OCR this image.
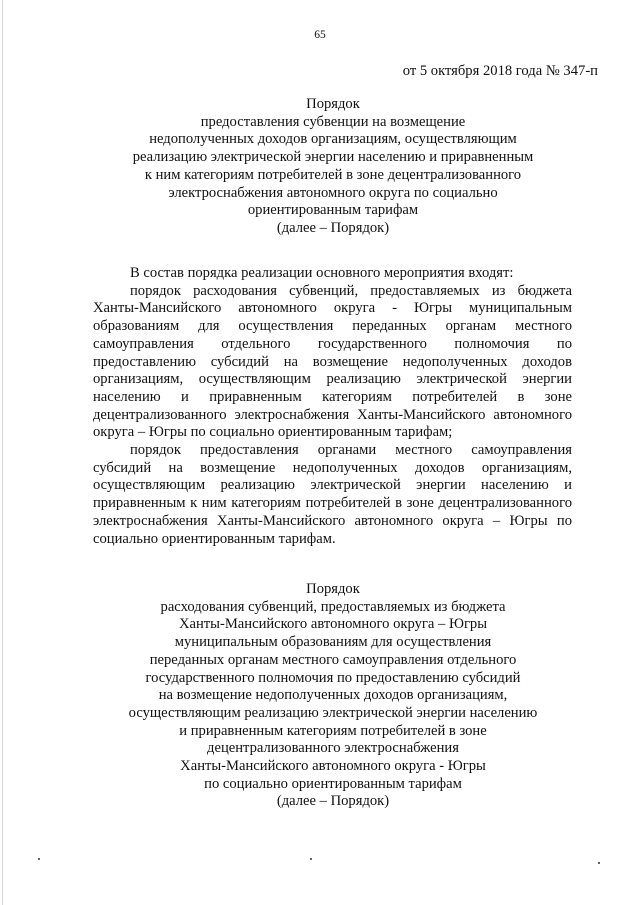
65
от 5 октября 2018 года № 347-п
Порядок
предоставления субвенции на возмещение
недополученных доходов организациям, осуществляющим
реализацию электрической энергии населению и приравненным
к ним категориям потребителей в зоне децентрализованного
электроснабжения автономного округа по социально
ориентированным тарифам
(далее – Порядок)

В состав порядка реализации основного мероприятия входят:

порядок расходования субвенций, предоставляемых из бюджета Ханты-Мансийского автономного округа - Югры муниципальным образованиям для осуществления переданных органам местного самоуправления отдельного государственного полномочия по предоставлению субсидий на возмещение недополученных доходов организациям, осуществляющим реализацию электрической энергии населению и приравненным категориям потребителей в зоне децентрализованного электроснабжения Ханты-Мансийского автономного округа – Югры по социально ориентированным тарифам;

порядок предоставления органами местного самоуправления субсидий на возмещение недополученных доходов организациям, осуществляющим реализацию электрической энергии населению и приравненным к ним категориям потребителей в зоне децентрализованного электроснабжения Ханты-Мансийского автономного округа – Югры по социально ориентированным тарифам.

Порядок
расходования субвенций, предоставляемых из бюджета
Ханты-Мансийского автономного округа – Югры
муниципальным образованиям для осуществления
переданных органам местного самоуправления отдельного
государственного полномочия по предоставлению субсидий
на возмещение недополученных доходов организациям,
осуществляющим реализацию электрической энергии населению
и приравненным категориям потребителей в зоне
децентрализованного электроснабжения
Ханты-Мансийского автономного округа - Югры
по социально ориентированным тарифам
(далее – Порядок)
